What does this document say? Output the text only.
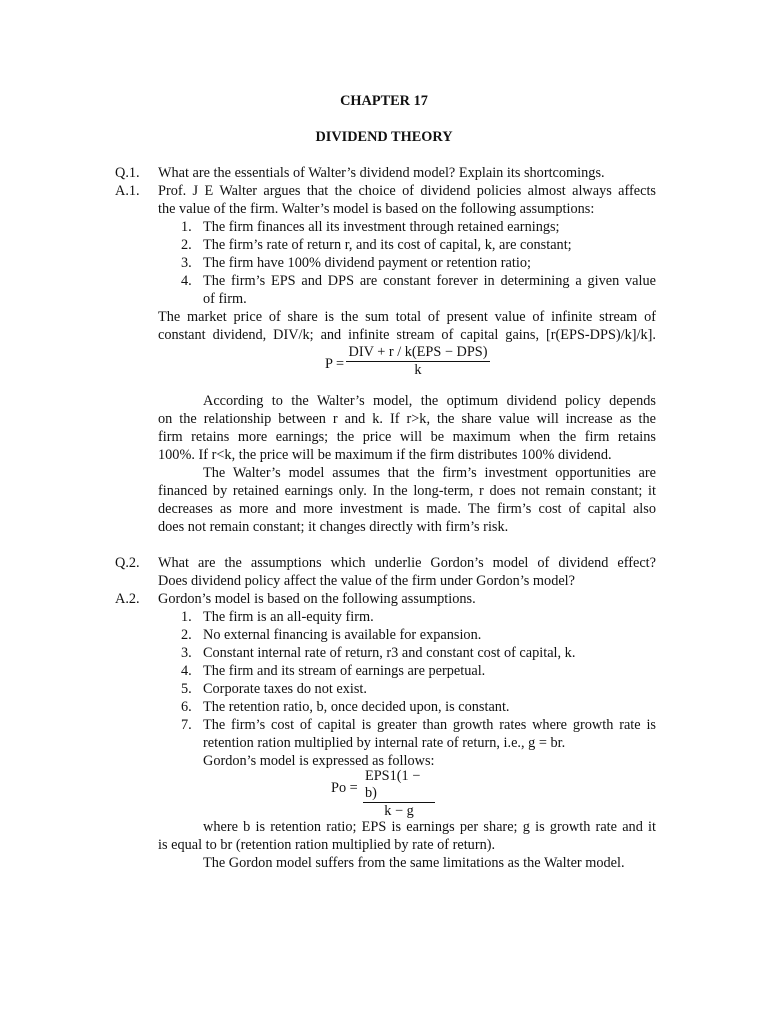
CHAPTER 17
DIVIDEND THEORY
Q.1. What are the essentials of Walter’s dividend model? Explain its shortcomings.
A.1. Prof. J E Walter argues that the choice of dividend policies almost always affects
the value of the firm. Walter’s model is based on the following assumptions:
1. The firm finances all its investment through retained earnings;
2. The firm’s rate of return r, and its cost of capital, k, are constant;
3. The firm have 100% dividend payment or retention ratio;
4. The firm’s EPS and DPS are constant forever in determining a given value
of firm.
The market price of share is the sum total of present value of infinite stream of
constant dividend, DIV/k; and infinite stream of capital gains, [r(EPS-DPS)/k]/k].
P =
DIV + r / k(EPS − DPS)
k
According to the Walter’s model, the optimum dividend policy depends
on the relationship between r and k. If r>k, the share value will increase as the
firm retains more earnings; the price will be maximum when the firm retains
100%. If r<k, the price will be maximum if the firm distributes 100% dividend.
The Walter’s model assumes that the firm’s investment opportunities are
financed by retained earnings only. In the long-term, r does not remain constant; it
decreases as more and more investment is made. The firm’s cost of capital also
does not remain constant; it changes directly with firm’s risk.
Q.2. What are the assumptions which underlie Gordon’s model of dividend effect?
Does dividend policy affect the value of the firm under Gordon’s model?
A.2. Gordon’s model is based on the following assumptions.
1. The firm is an all-equity firm.
2. No external financing is available for expansion.
3. Constant internal rate of return, r3 and constant cost of capital, k.
4. The firm and its stream of earnings are perpetual.
5. Corporate taxes do not exist.
6. The retention ratio, b, once decided upon, is constant.
7. The firm’s cost of capital is greater than growth rates where growth rate is
retention ration multiplied by internal rate of return, i.e., g = br.
Gordon’s model is expressed as follows:
Po =
EPS1(1 − b)
k − g
where b is retention ratio; EPS is earnings per share; g is growth rate and it
is equal to br (retention ration multiplied by rate of return).
The Gordon model suffers from the same limitations as the Walter model.
